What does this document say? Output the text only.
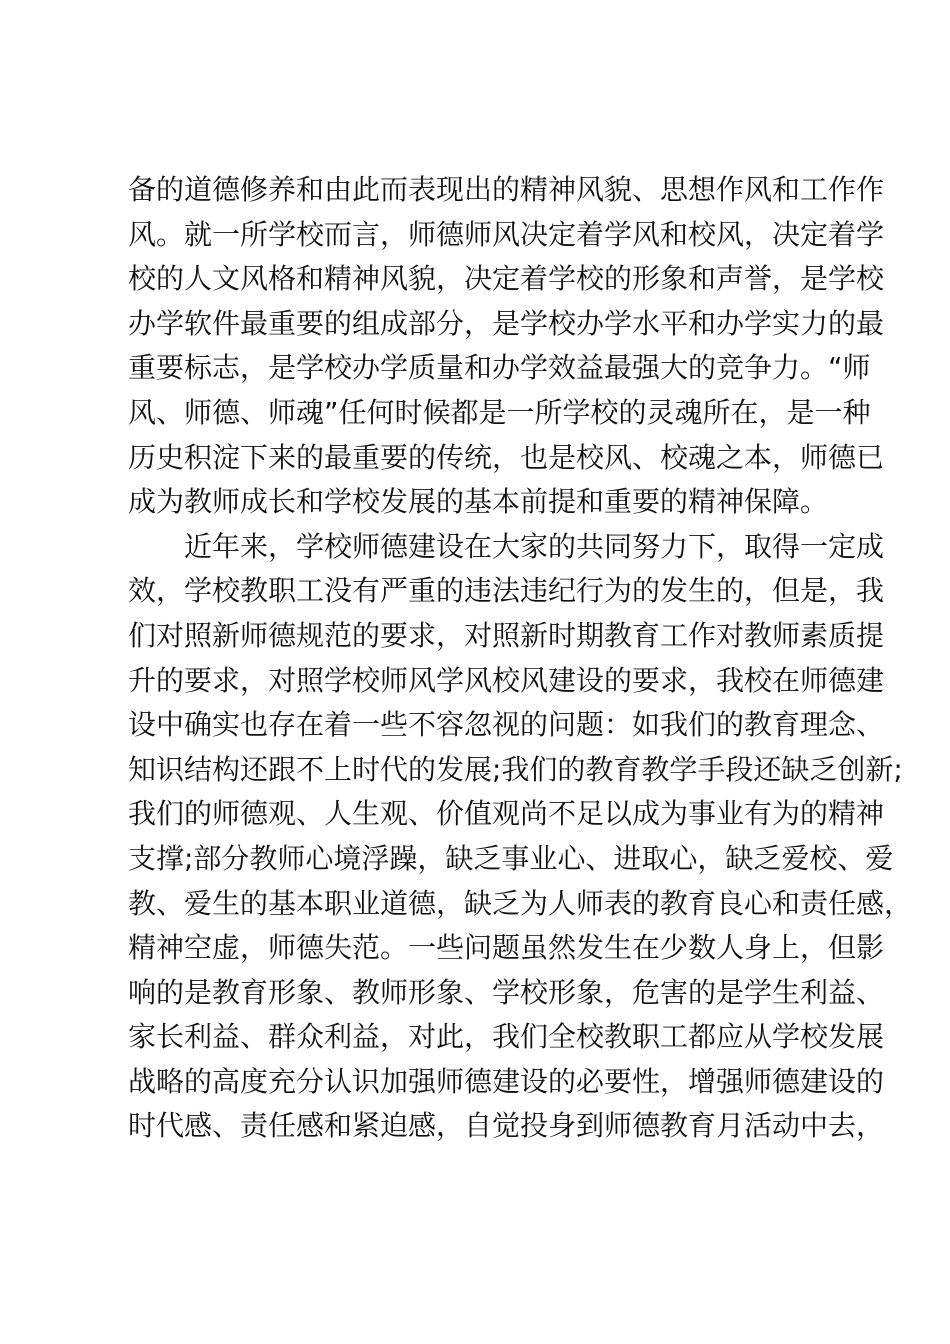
备的道德修养和由此而表现出的精神风貌、思想作风和工作作
风。就一所学校而言，师德师风决定着学风和校风，决定着学
校的人文风格和精神风貌，决定着学校的形象和声誉，是学校
办学软件最重要的组成部分，是学校办学水平和办学实力的最
重要标志，是学校办学质量和办学效益最强大的竞争力。“师
风、师德、师魂”任何时候都是一所学校的灵魂所在，是一种
历史积淀下来的最重要的传统，也是校风、校魂之本，师德已
成为教师成长和学校发展的基本前提和重要的精神保障。
　　近年来，学校师德建设在大家的共同努力下，取得一定成
效，学校教职工没有严重的违法违纪行为的发生的，但是，我
们对照新师德规范的要求，对照新时期教育工作对教师素质提
升的要求，对照学校师风学风校风建设的要求，我校在师德建
设中确实也存在着一些不容忽视的问题：如我们的教育理念、
知识结构还跟不上时代的发展;我们的教育教学手段还缺乏创新;
我们的师德观、人生观、价值观尚不足以成为事业有为的精神
支撑;部分教师心境浮躁，缺乏事业心、进取心，缺乏爱校、爱
教、爱生的基本职业道德，缺乏为人师表的教育良心和责任感，
精神空虚，师德失范。一些问题虽然发生在少数人身上，但影
响的是教育形象、教师形象、学校形象，危害的是学生利益、
家长利益、群众利益，对此，我们全校教职工都应从学校发展
战略的高度充分认识加强师德建设的必要性，增强师德建设的
时代感、责任感和紧迫感，自觉投身到师德教育月活动中去，
